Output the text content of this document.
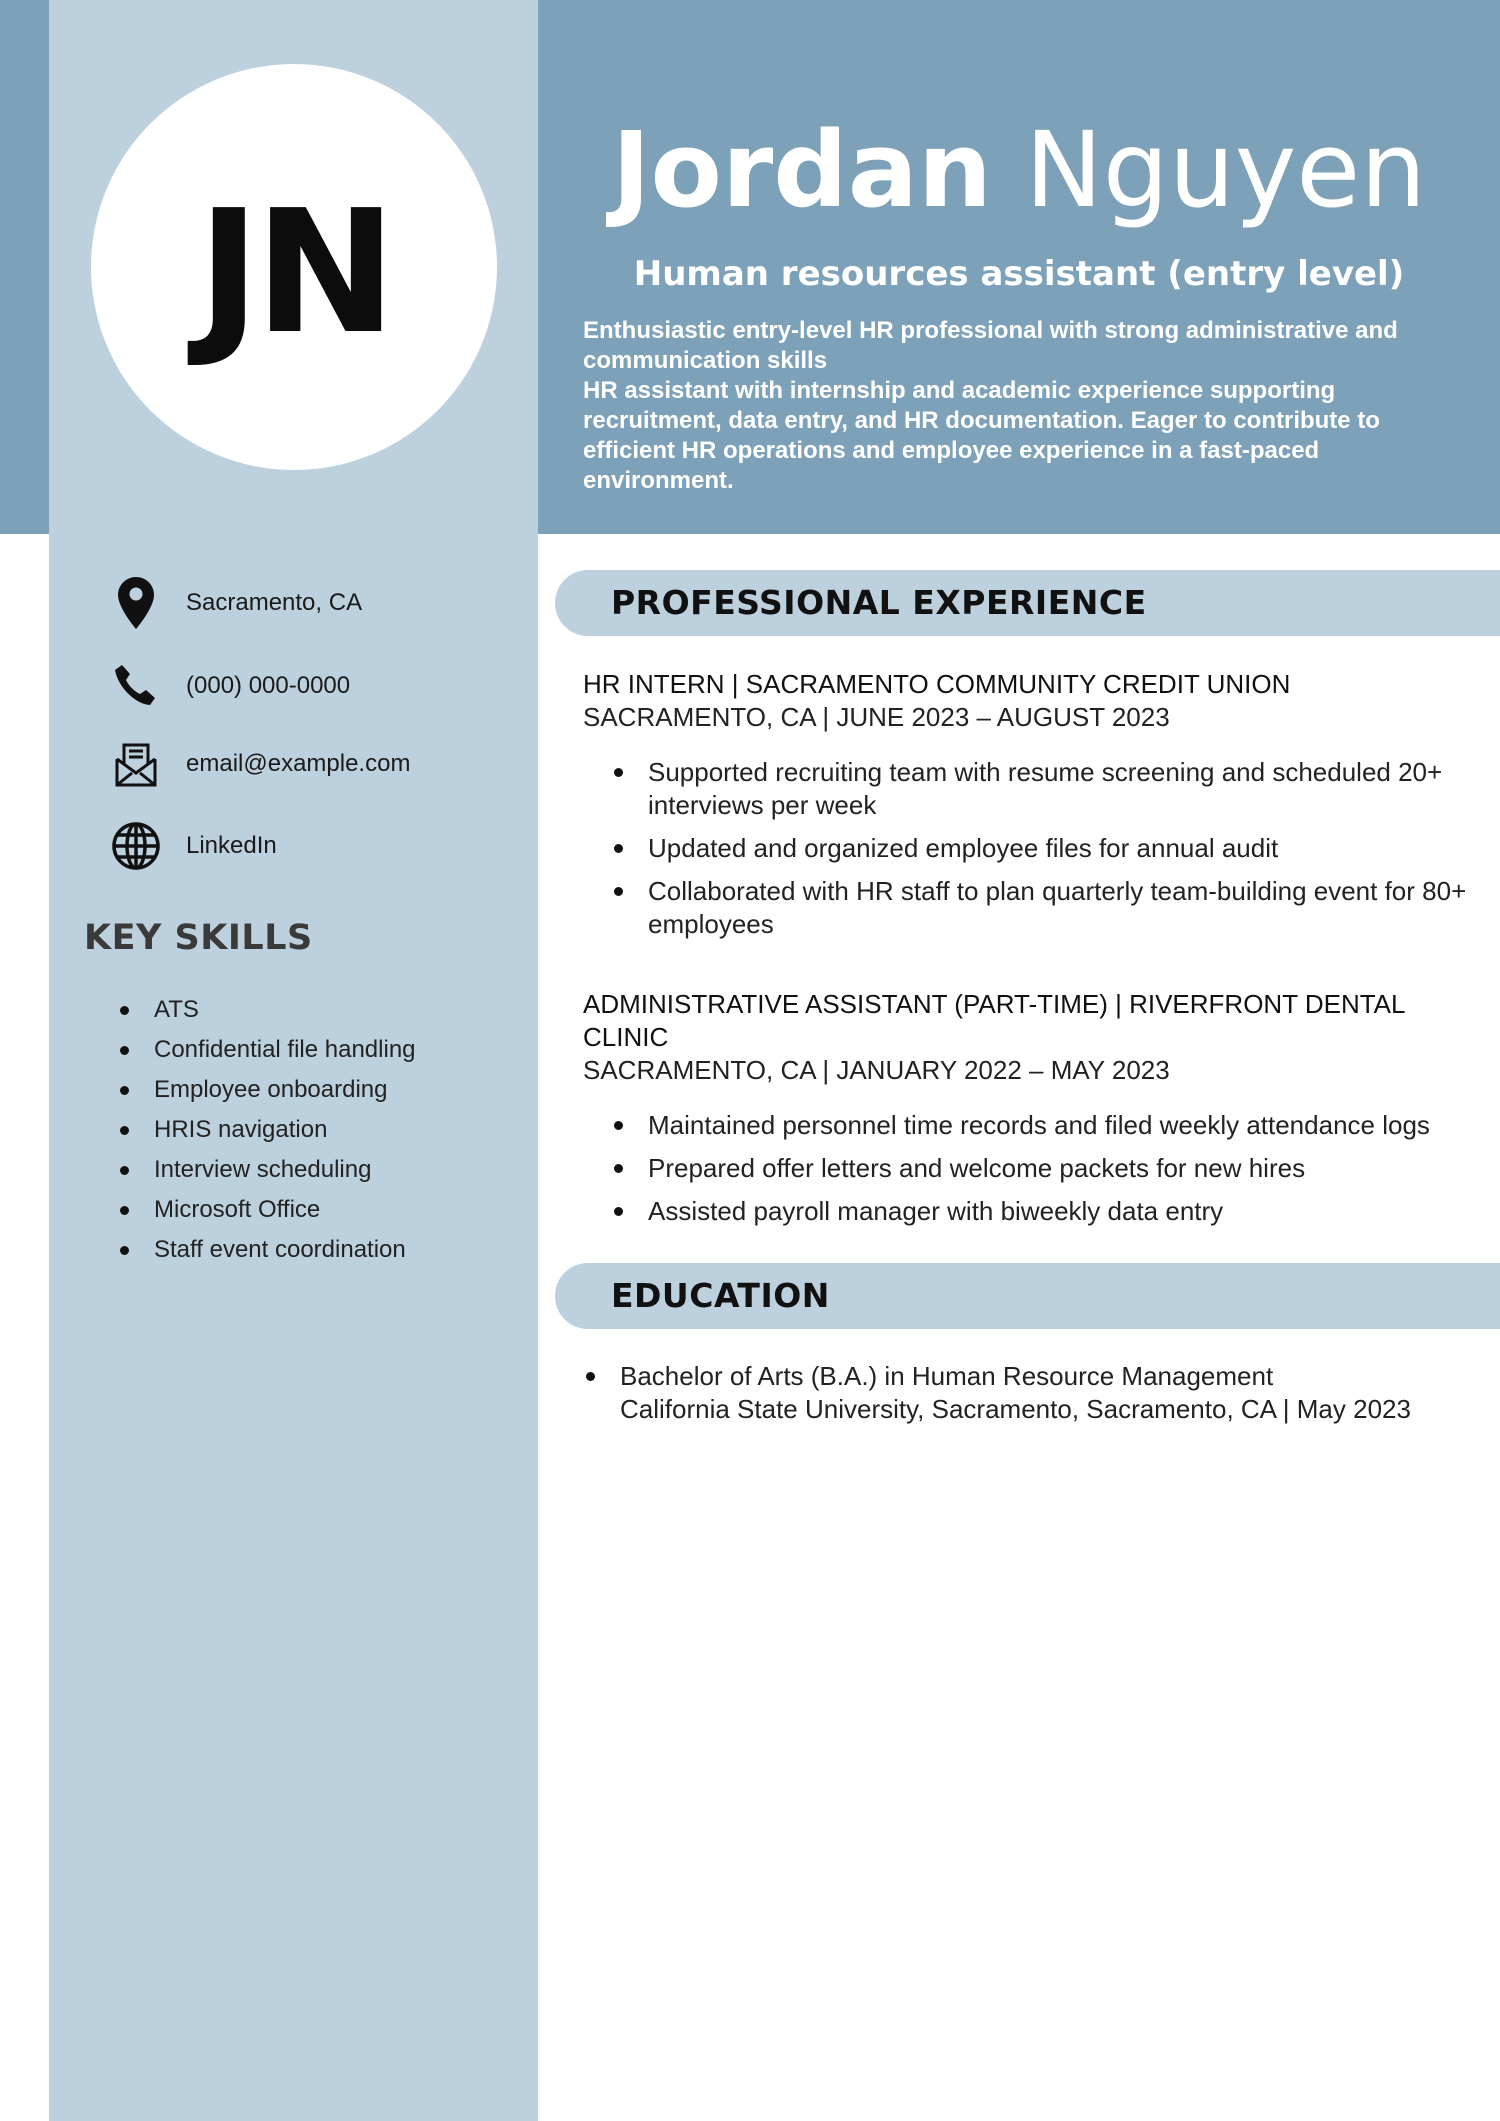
JN
Jordan Nguyen
Human resources assistant (entry level)

Enthusiastic entry-level HR professional with strong administrative and communication skills

HR assistant with internship and academic experience supporting recruitment, data entry, and HR documentation. Eager to contribute to efficient HR operations and employee experience in a fast-paced environment.

Sacramento, CA
(000) 000-0000
email@example.com
LinkedIn
KEY SKILLS
ATS
Confidential file handling
Employee onboarding
HRIS navigation
Interview scheduling
Microsoft Office
Staff event coordination
PROFESSIONAL EXPERIENCE
HR INTERN | SACRAMENTO COMMUNITY CREDIT UNION
SACRAMENTO, CA | JUNE 2023 – AUGUST 2023
Supported recruiting team with resume screening and scheduled 20+ interviews per week
Updated and organized employee files for annual audit
Collaborated with HR staff to plan quarterly team-building event for 80+ employees
ADMINISTRATIVE ASSISTANT (PART-TIME) | RIVERFRONT DENTAL CLINIC
SACRAMENTO, CA | JANUARY 2022 – MAY 2023
Maintained personnel time records and filed weekly attendance logs
Prepared offer letters and welcome packets for new hires
Assisted payroll manager with biweekly data entry
EDUCATION
Bachelor of Arts (B.A.) in Human Resource Management
California State University, Sacramento, Sacramento, CA | May 2023
